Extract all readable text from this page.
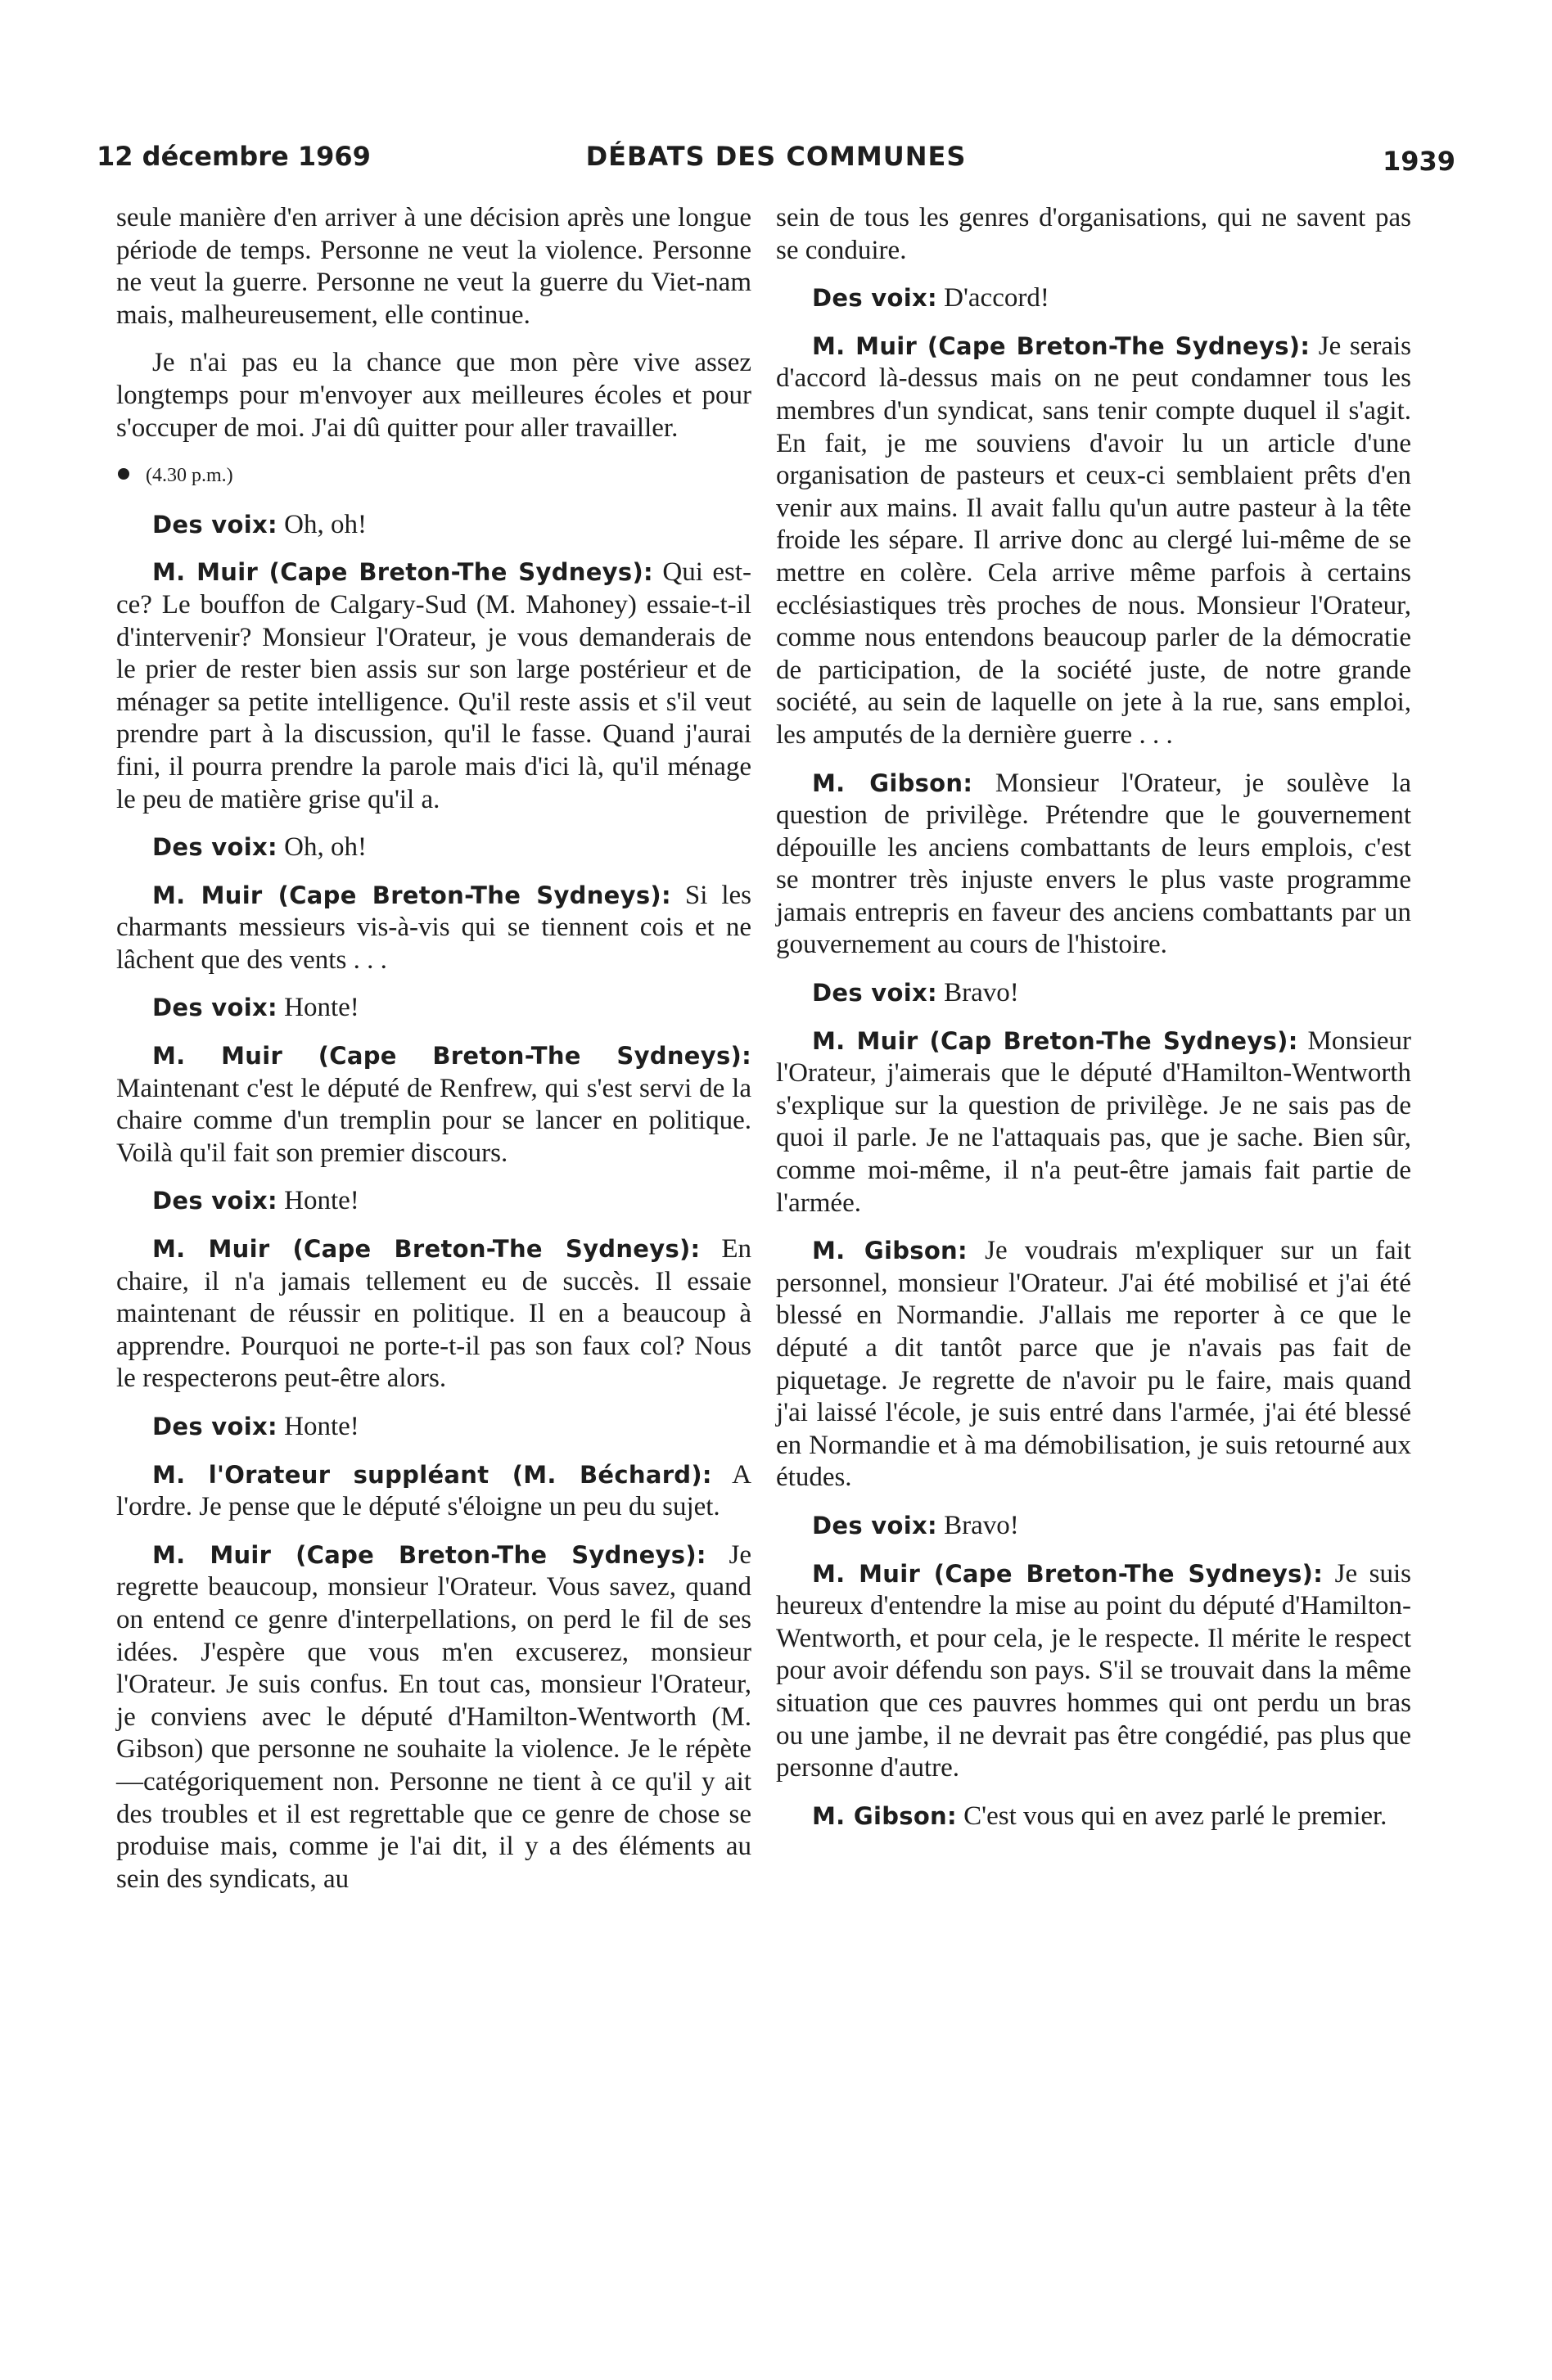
12 décembre 1969	DÉBATS DES COMMUNES	1939

seule manière d'en arriver à une décision après une longue période de temps. Personne ne veut la violence. Personne ne veut la guerre. Personne ne veut la guerre du Viet-nam mais, malheureusement, elle continue.

Je n'ai pas eu la chance que mon père vive assez longtemps pour m'envoyer aux meilleures écoles et pour s'occuper de moi. J'ai dû quitter pour aller travailler.

(4.30 p.m.)

Des voix: Oh, oh!

M. Muir (Cape Breton-The Sydneys): Qui est-ce? Le bouffon de Calgary-Sud (M. Mahoney) essaie-t-il d'intervenir? Monsieur l'Orateur, je vous demanderais de le prier de rester bien assis sur son large postérieur et de ménager sa petite intelligence. Qu'il reste assis et s'il veut prendre part à la discussion, qu'il le fasse. Quand j'aurai fini, il pourra prendre la parole mais d'ici là, qu'il ménage le peu de matière grise qu'il a.

Des voix: Oh, oh!

M. Muir (Cape Breton-The Sydneys): Si les charmants messieurs vis-à-vis qui se tiennent cois et ne lâchent que des vents . . .

Des voix: Honte!

M. Muir (Cape Breton-The Sydneys): Maintenant c'est le député de Renfrew, qui s'est servi de la chaire comme d'un tremplin pour se lancer en politique. Voilà qu'il fait son premier discours.

Des voix: Honte!

M. Muir (Cape Breton-The Sydneys): En chaire, il n'a jamais tellement eu de succès. Il essaie maintenant de réussir en politique. Il en a beaucoup à apprendre. Pourquoi ne porte-t-il pas son faux col? Nous le respecterons peut-être alors.

Des voix: Honte!

M. l'Orateur suppléant (M. Béchard): A l'ordre. Je pense que le député s'éloigne un peu du sujet.

M. Muir (Cape Breton-The Sydneys): Je regrette beaucoup, monsieur l'Orateur. Vous savez, quand on entend ce genre d'interpellations, on perd le fil de ses idées. J'espère que vous m'en excuserez, monsieur l'Orateur. Je suis confus. En tout cas, monsieur l'Orateur, je conviens avec le député d'Hamilton-Wentworth (M. Gibson) que personne ne souhaite la violence. Je le répète—catégoriquement non. Personne ne tient à ce qu'il y ait des troubles et il est regrettable que ce genre de chose se produise mais, comme je l'ai dit, il y a des éléments au sein des syndicats, au

sein de tous les genres d'organisations, qui ne savent pas se conduire.

Des voix: D'accord!

M. Muir (Cape Breton-The Sydneys): Je serais d'accord là-dessus mais on ne peut condamner tous les membres d'un syndicat, sans tenir compte duquel il s'agit. En fait, je me souviens d'avoir lu un article d'une organisation de pasteurs et ceux-ci semblaient prêts d'en venir aux mains. Il avait fallu qu'un autre pasteur à la tête froide les sépare. Il arrive donc au clergé lui-même de se mettre en colère. Cela arrive même parfois à certains ecclésiastiques très proches de nous. Monsieur l'Orateur, comme nous entendons beaucoup parler de la démocratie de participation, de la société juste, de notre grande société, au sein de laquelle on jete à la rue, sans emploi, les amputés de la dernière guerre . . .

M. Gibson: Monsieur l'Orateur, je soulève la question de privilège. Prétendre que le gouvernement dépouille les anciens combattants de leurs emplois, c'est se montrer très injuste envers le plus vaste programme jamais entrepris en faveur des anciens combattants par un gouvernement au cours de l'histoire.

Des voix: Bravo!

M. Muir (Cap Breton-The Sydneys): Monsieur l'Orateur, j'aimerais que le député d'Hamilton-Wentworth s'explique sur la question de privilège. Je ne sais pas de quoi il parle. Je ne l'attaquais pas, que je sache. Bien sûr, comme moi-même, il n'a peut-être jamais fait partie de l'armée.

M. Gibson: Je voudrais m'expliquer sur un fait personnel, monsieur l'Orateur. J'ai été mobilisé et j'ai été blessé en Normandie. J'allais me reporter à ce que le député a dit tantôt parce que je n'avais pas fait de piquetage. Je regrette de n'avoir pu le faire, mais quand j'ai laissé l'école, je suis entré dans l'armée, j'ai été blessé en Normandie et à ma démobilisation, je suis retourné aux études.

Des voix: Bravo!

M. Muir (Cape Breton-The Sydneys): Je suis heureux d'entendre la mise au point du député d'Hamilton-Wentworth, et pour cela, je le respecte. Il mérite le respect pour avoir défendu son pays. S'il se trouvait dans la même situation que ces pauvres hommes qui ont perdu un bras ou une jambe, il ne devrait pas être congédié, pas plus que personne d'autre.

M. Gibson: C'est vous qui en avez parlé le premier.
